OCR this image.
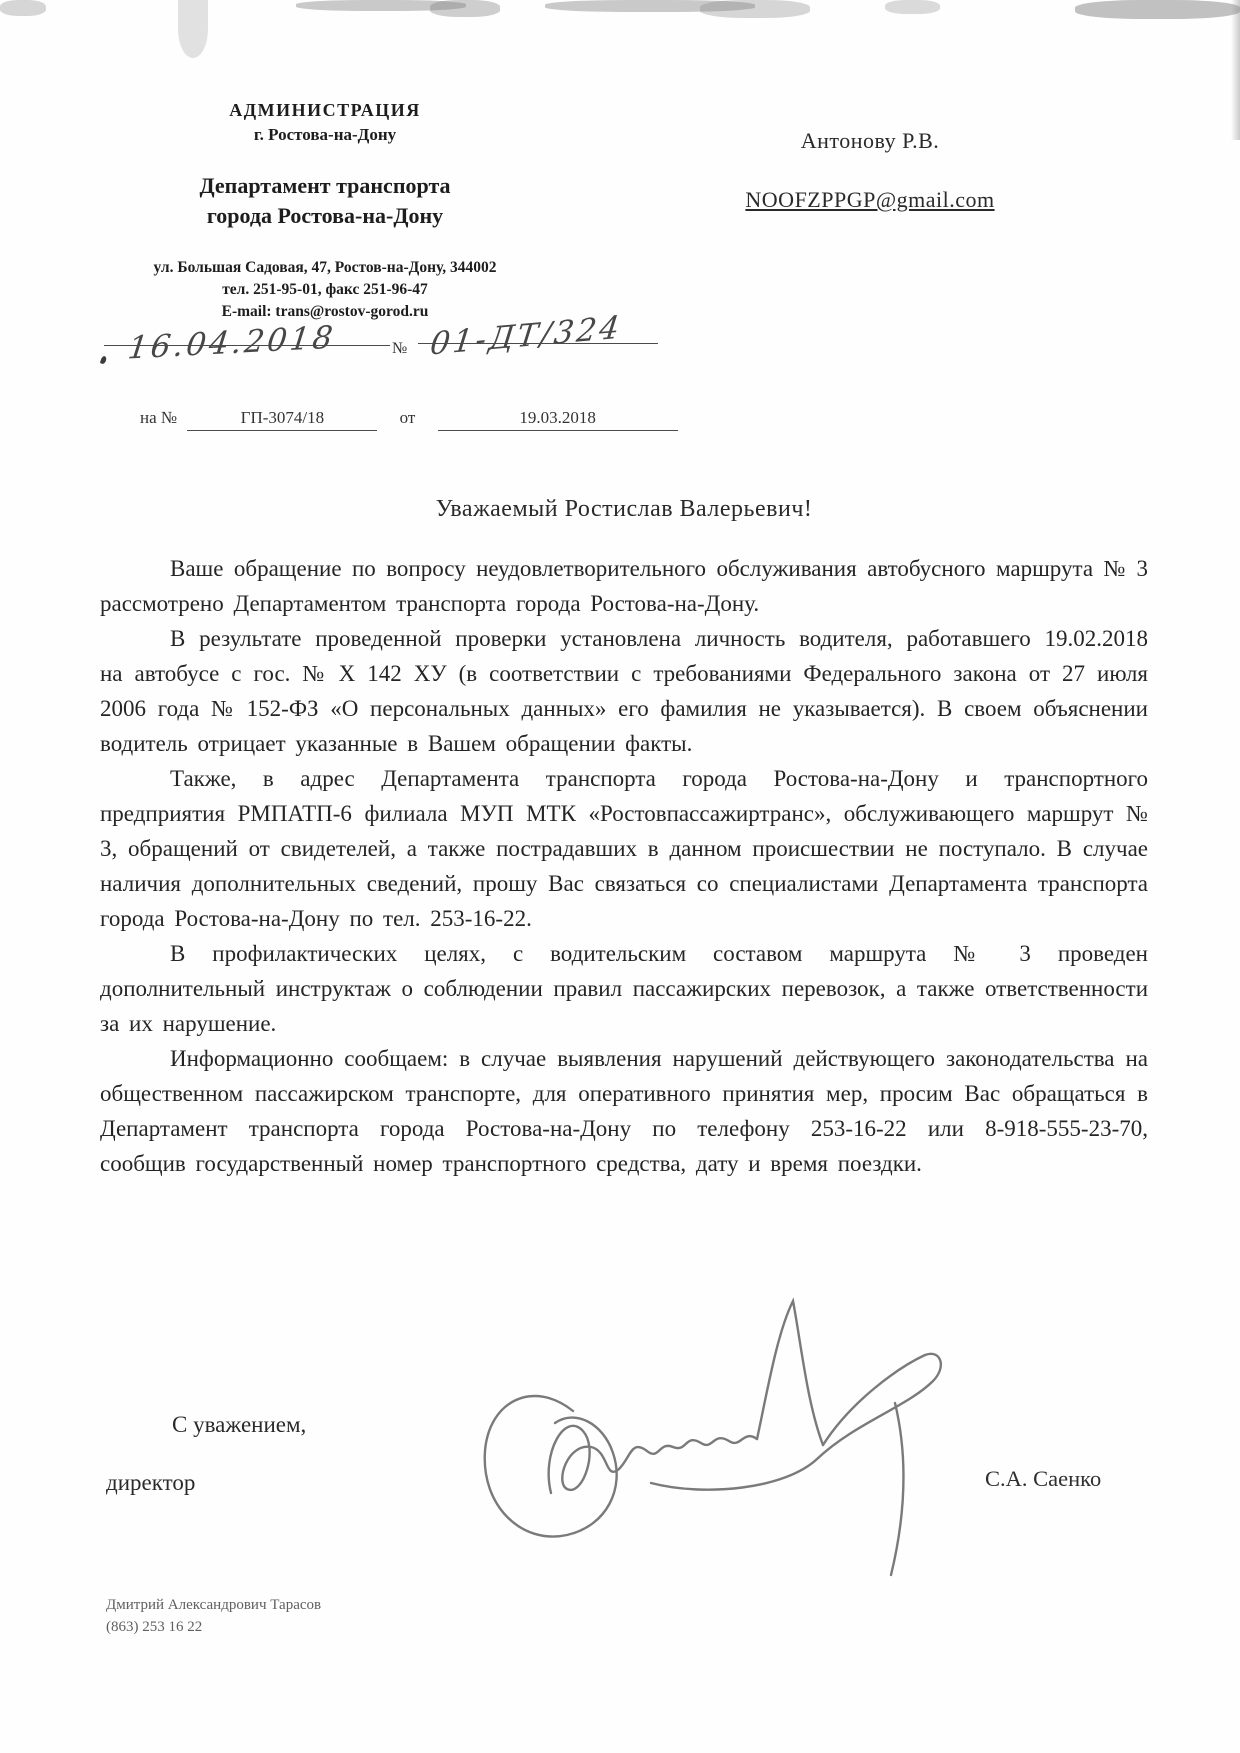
АДМИНИСТРАЦИЯ
г. Ростова-на-Дону
Департамент транспорта
города Ростова-на-Дону
ул. Большая Садовая, 47, Ростов-на-Дону, 344002
тел. 251-95-01, факс 251-96-47
E-mail: trans@rostov-gorod.ru
Антонову Р.В.
NOOFZPPGP@gmail.com
16.04.2018	№ 01-ДТ/324
на №	ГП-3074/18	от	19.03.2018
Уважаемый Ростислав Валерьевич!

Ваше обращение по вопросу неудовлетворительного обслуживания автобусного маршрута № 3 рассмотрено Департаментом транспорта города Ростова-на-Дону.

В результате проведенной проверки установлена личность водителя, работавшего 19.02.2018 на автобусе с гос. № Х 142 ХУ (в соответствии с требованиями Федерального закона от 27 июля 2006 года № 152-ФЗ «О персональных данных» его фамилия не указывается). В своем объяснении водитель отрицает указанные в Вашем обращении факты.

Также, в адрес Департамента транспорта города Ростова-на-Дону и транспортного предприятия РМПАТП-6 филиала МУП МТК «Ростовпассажиртранс», обслуживающего маршрут № 3, обращений от свидетелей, а также пострадавших в данном происшествии не поступало. В случае наличия дополнительных сведений, прошу Вас связаться со специалистами Департамента транспорта города Ростова-на-Дону по тел. 253-16-22.

В профилактических целях, с водительским составом маршрута № 3 проведен дополнительный инструктаж о соблюдении правил пассажирских перевозок, а также ответственности за их нарушение.

Информационно сообщаем: в случае выявления нарушений действующего законодательства на общественном пассажирском транспорте, для оперативного принятия мер, просим Вас обращаться в Департамент транспорта города Ростова-на-Дону по телефону 253-16-22 или 8-918-555-23-70, сообщив государственный номер транспортного средства, дату и время поездки.

С уважением,
директор	С.А. Саенко
Дмитрий Александрович Тарасов
(863) 253 16 22
